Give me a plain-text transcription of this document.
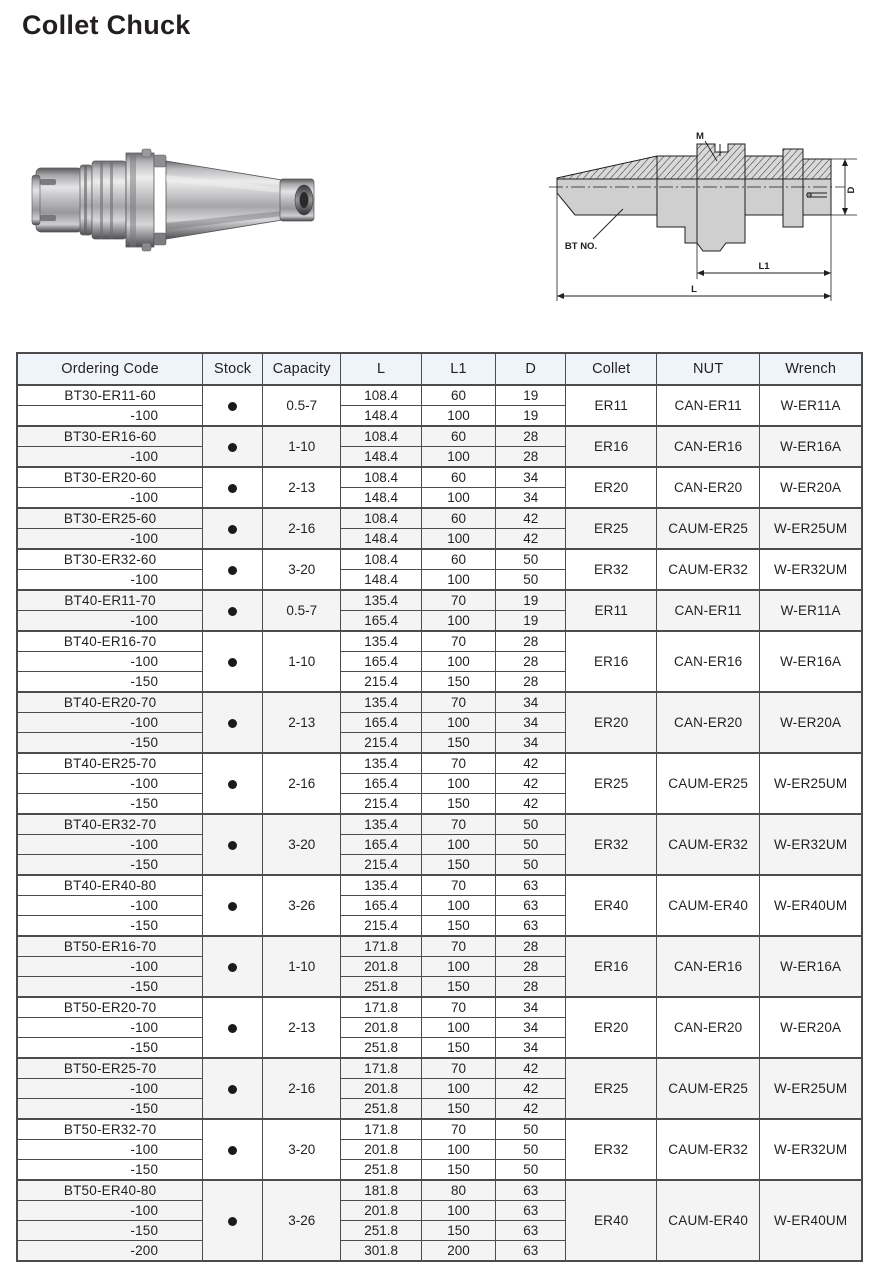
Collet Chuck
M
BT NO.
L1
L
D
Ordering Code	Stock	Capacity	L	L1	D	Collet	NUT	Wrench
BT30-ER11-60		0.5-7	108.4	60	19	ER11	CAN-ER11	W-ER11A
-100			148.4	100	19			
BT30-ER16-60		1-10	108.4	60	28	ER16	CAN-ER16	W-ER16A
-100			148.4	100	28			
BT30-ER20-60		2-13	108.4	60	34	ER20	CAN-ER20	W-ER20A
-100			148.4	100	34			
BT30-ER25-60		2-16	108.4	60	42	ER25	CAUM-ER25	W-ER25UM
-100			148.4	100	42			
BT30-ER32-60		3-20	108.4	60	50	ER32	CAUM-ER32	W-ER32UM
-100			148.4	100	50			
BT40-ER11-70		0.5-7	135.4	70	19	ER11	CAN-ER11	W-ER11A
-100			165.4	100	19			
BT40-ER16-70		1-10	135.4	70	28	ER16	CAN-ER16	W-ER16A
-100			165.4	100	28			
-150			215.4	150	28			
BT40-ER20-70		2-13	135.4	70	34	ER20	CAN-ER20	W-ER20A
-100			165.4	100	34			
-150			215.4	150	34			
BT40-ER25-70		2-16	135.4	70	42	ER25	CAUM-ER25	W-ER25UM
-100			165.4	100	42			
-150			215.4	150	42			
BT40-ER32-70		3-20	135.4	70	50	ER32	CAUM-ER32	W-ER32UM
-100			165.4	100	50			
-150			215.4	150	50			
BT40-ER40-80		3-26	135.4	70	63	ER40	CAUM-ER40	W-ER40UM
-100			165.4	100	63			
-150			215.4	150	63			
BT50-ER16-70		1-10	171.8	70	28	ER16	CAN-ER16	W-ER16A
-100			201.8	100	28			
-150			251.8	150	28			
BT50-ER20-70		2-13	171.8	70	34	ER20	CAN-ER20	W-ER20A
-100			201.8	100	34			
-150			251.8	150	34			
BT50-ER25-70		2-16	171.8	70	42	ER25	CAUM-ER25	W-ER25UM
-100			201.8	100	42			
-150			251.8	150	42			
BT50-ER32-70		3-20	171.8	70	50	ER32	CAUM-ER32	W-ER32UM
-100			201.8	100	50			
-150			251.8	150	50			
BT50-ER40-80		3-26	181.8	80	63	ER40	CAUM-ER40	W-ER40UM
-100			201.8	100	63			
-150			251.8	150	63			
-200			301.8	200	63			
